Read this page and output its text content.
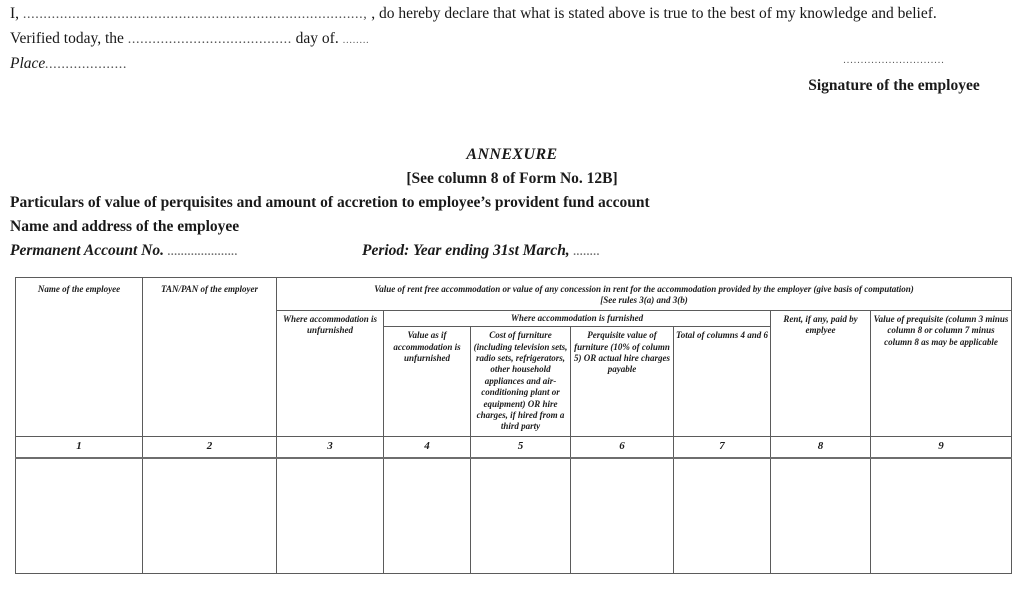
I, ..................................................................................., , do hereby declare that what is stated above is true to the best of my knowledge and belief.
Verified today, the ........................................ day of. ........
Place....................	.............................
Signature of the employee
ANNEXURE
[See column 8 of Form No. 12B]
Particulars of value of perquisites and amount of accretion to employee’s provident fund account
Name and address of the employee
Permanent Account No. .....................	Period: Year ending 31st March, ........
Name of the employee	TAN/PAN of the employer	Value of rent free accommodation or value of any concession in rent for the accommodation provided by the employer (give basis of computation)
[See rules 3(a) and 3(b)						
		Where accommodation is unfurnished	Where accommodation is furnished				Rent, if any, paid by emplyee	Value of prequisite (column 3 minus column 8 or column 7 minus column 8 as may be applicable
			Value as if accommodation is unfurnished	Cost of furniture (including television sets, radio sets, refrigerators, other household appliances and air-conditioning plant or equipment) OR hire charges, if hired from a third party	Perquisite value of furniture (10% of column 5) OR actual hire charges payable	Total of columns 4 and 6		
1	2	3	4	5	6	7	8	9
